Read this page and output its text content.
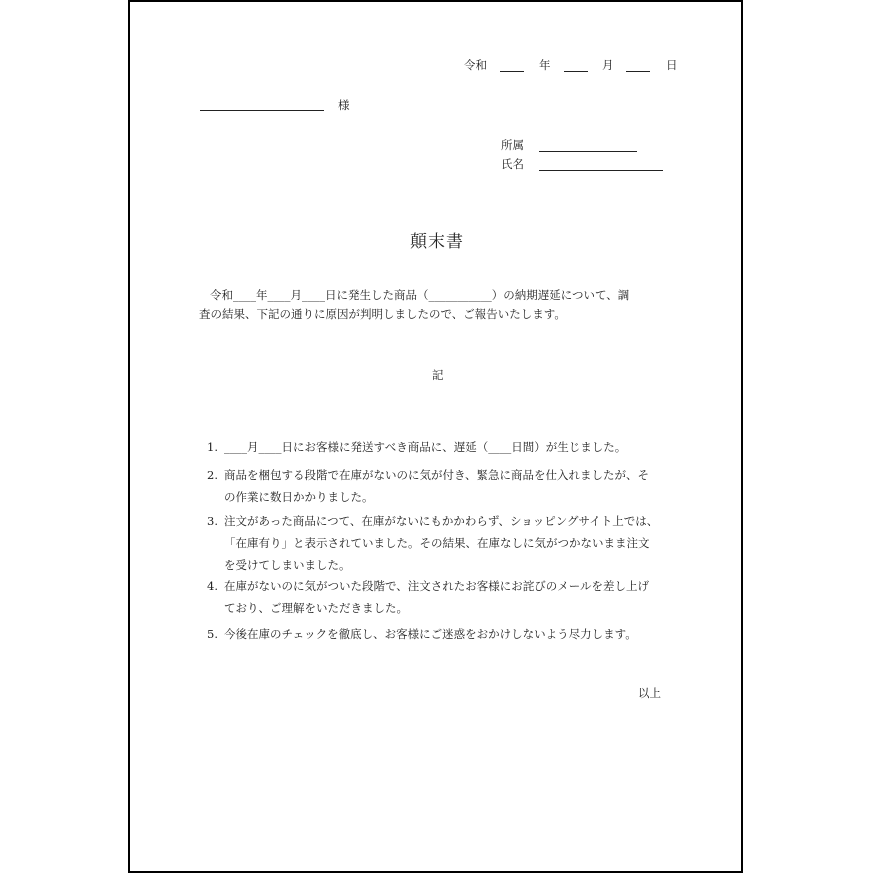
令和	年	月	日
様
所属
氏名
顛末書
令和____年____月____日に発生した商品（___________）の納期遅延について、調
査の結果、下記の通りに原因が判明しましたので、ご報告いたします。
記
1. ____月____日にお客様に発送すべき商品に、遅延（____日間）が生じました。
2. 商品を梱包する段階で在庫がないのに気が付き、緊急に商品を仕入れましたが、そ
の作業に数日かかりました。
3. 注文があった商品につて、在庫がないにもかかわらず、ショッピングサイト上では、
「在庫有り」と表示されていました。その結果、在庫なしに気がつかないまま注文
を受けてしまいました。
4. 在庫がないのに気がついた段階で、注文されたお客様にお詫びのメールを差し上げ
ており、ご理解をいただきました。
5. 今後在庫のチェックを徹底し、お客様にご迷惑をおかけしないよう尽力します。
以上
